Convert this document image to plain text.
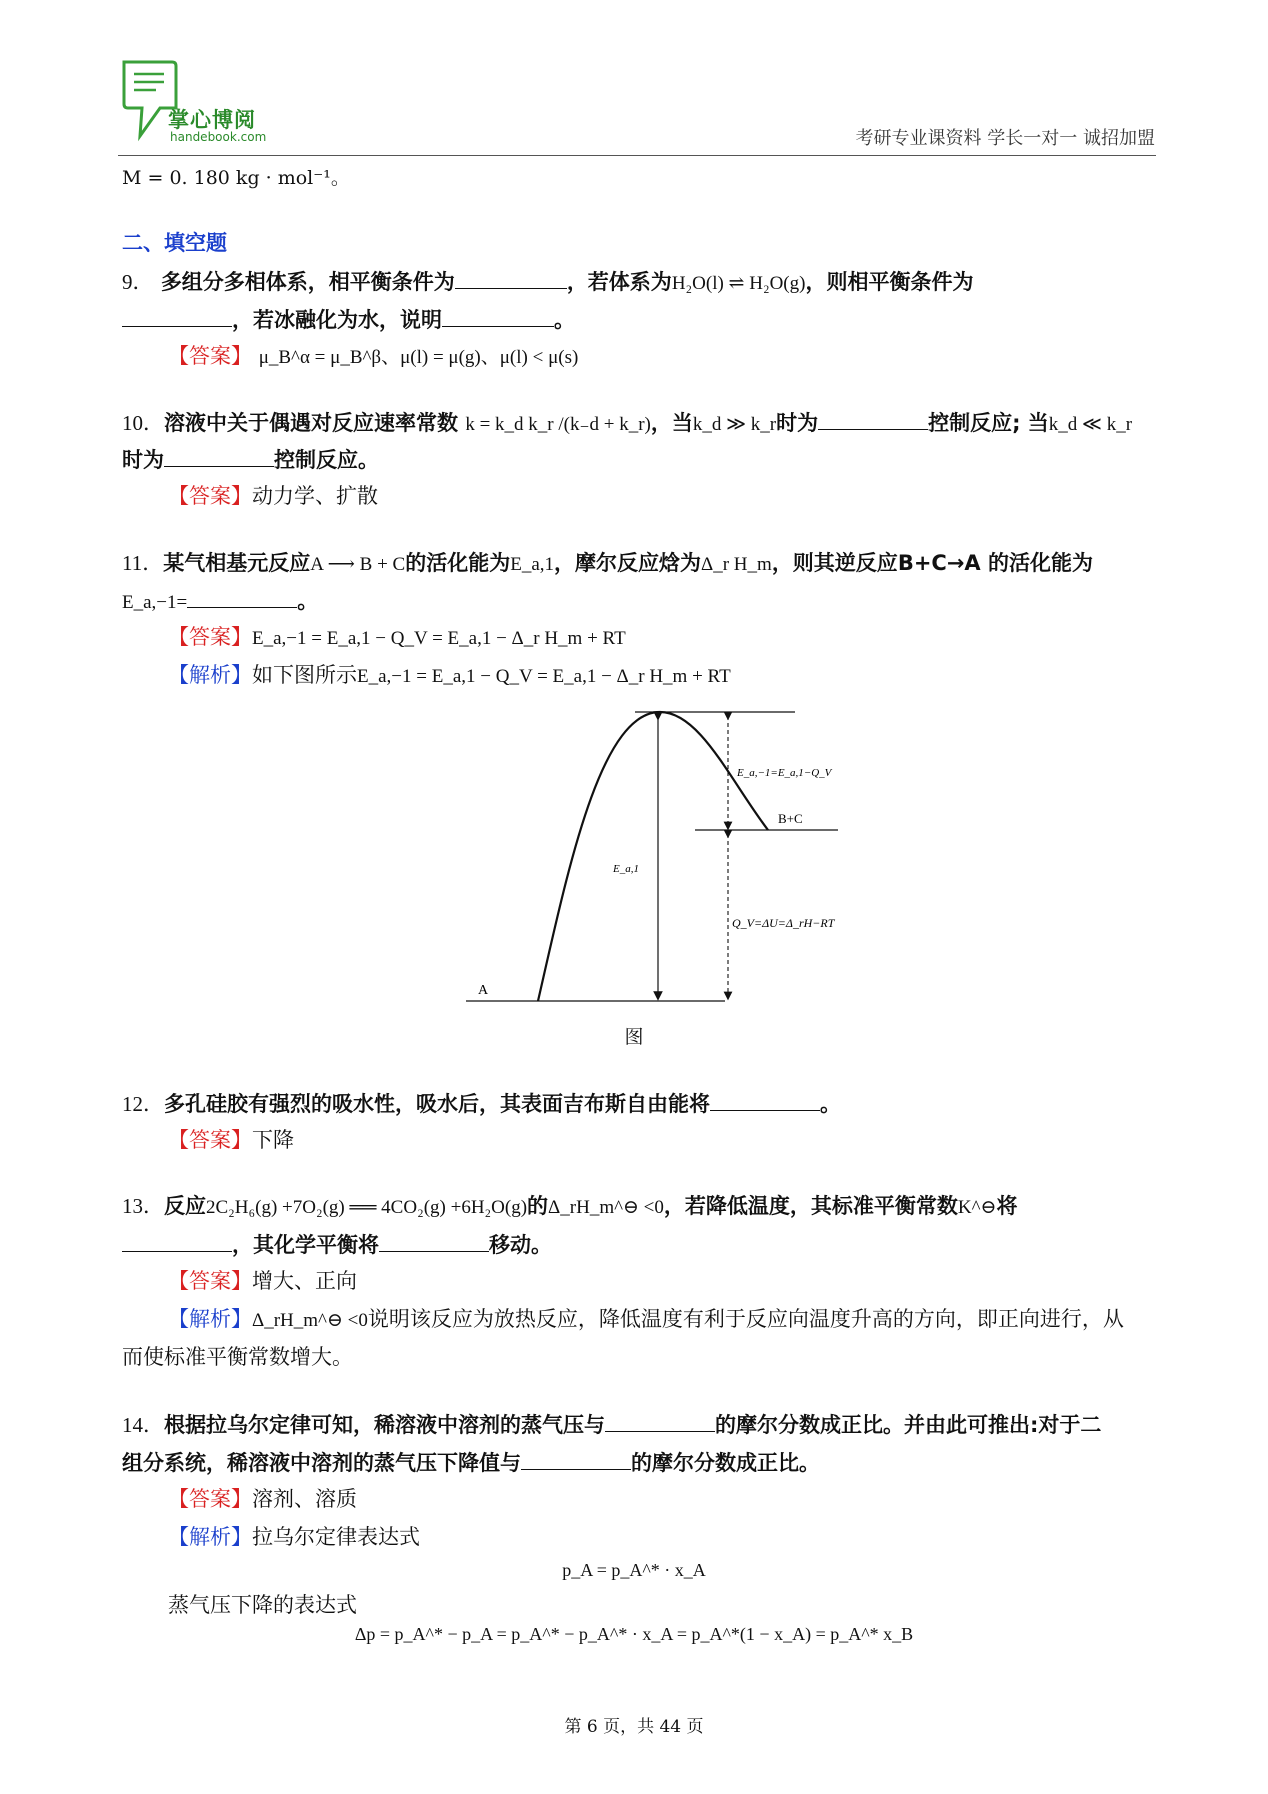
掌心博阅
handebook.com	考研专业课资料 学长一对一 诚招加盟
M = 0. 180 kg · mol⁻¹。
二、填空题
9． 多组分多相体系，相平衡条件为	，若体系为H₂O(l) ⇌ H₂O(g)，则相平衡条件为
，若冰融化为水，说明	。
【答案】 μ_B^α = μ_B^β、μ(l) = μ(g)、μ(l) < μ(s)
10．溶液中关于偶遇对反应速率常数 k = k_d k_r /(k₋d + k_r)，当k_d ≫ k_r时为	控制反应; 当k_d ≪ k_r
时为	控制反应。
【答案】动力学、扩散
11．某气相基元反应A ⟶ B + C的活化能为E_a,1，摩尔反应焓为Δ_r H_m，则其逆反应B+C→A 的活化能为
E_a,−1=	。
【答案】E_a,−1 = E_a,1 − Q_V = E_a,1 − Δ_r H_m + RT
【解析】如下图所示E_a,−1 = E_a,1 − Q_V = E_a,1 − Δ_r H_m + RT
A
B+C
E_a,1
E_a,−1=E_a,1−Q_V
Q_V=ΔU=Δ_rH−RT
图
12．多孔硅胶有强烈的吸水性，吸水后，其表面吉布斯自由能将	。
【答案】下降
13．反应2C₂H₆(g) +7O₂(g) ══ 4CO₂(g) +6H₂O(g)的Δ_rH_m^⊖ <0，若降低温度，其标准平衡常数K^⊖将
，其化学平衡将	移动。
【答案】增大、正向
【解析】Δ_rH_m^⊖ <0说明该反应为放热反应，降低温度有利于反应向温度升高的方向，即正向进行，从
而使标准平衡常数增大。
14．根据拉乌尔定律可知，稀溶液中溶剂的蒸气压与	的摩尔分数成正比。并由此可推出:对于二
组分系统，稀溶液中溶剂的蒸气压下降值与	的摩尔分数成正比。
【答案】溶剂、溶质
【解析】拉乌尔定律表达式
p_A = p_A^* · x_A
蒸气压下降的表达式
Δp = p_A^* − p_A = p_A^* − p_A^* · x_A = p_A^*(1 − x_A) = p_A^* x_B
第 6 页，共 44 页
